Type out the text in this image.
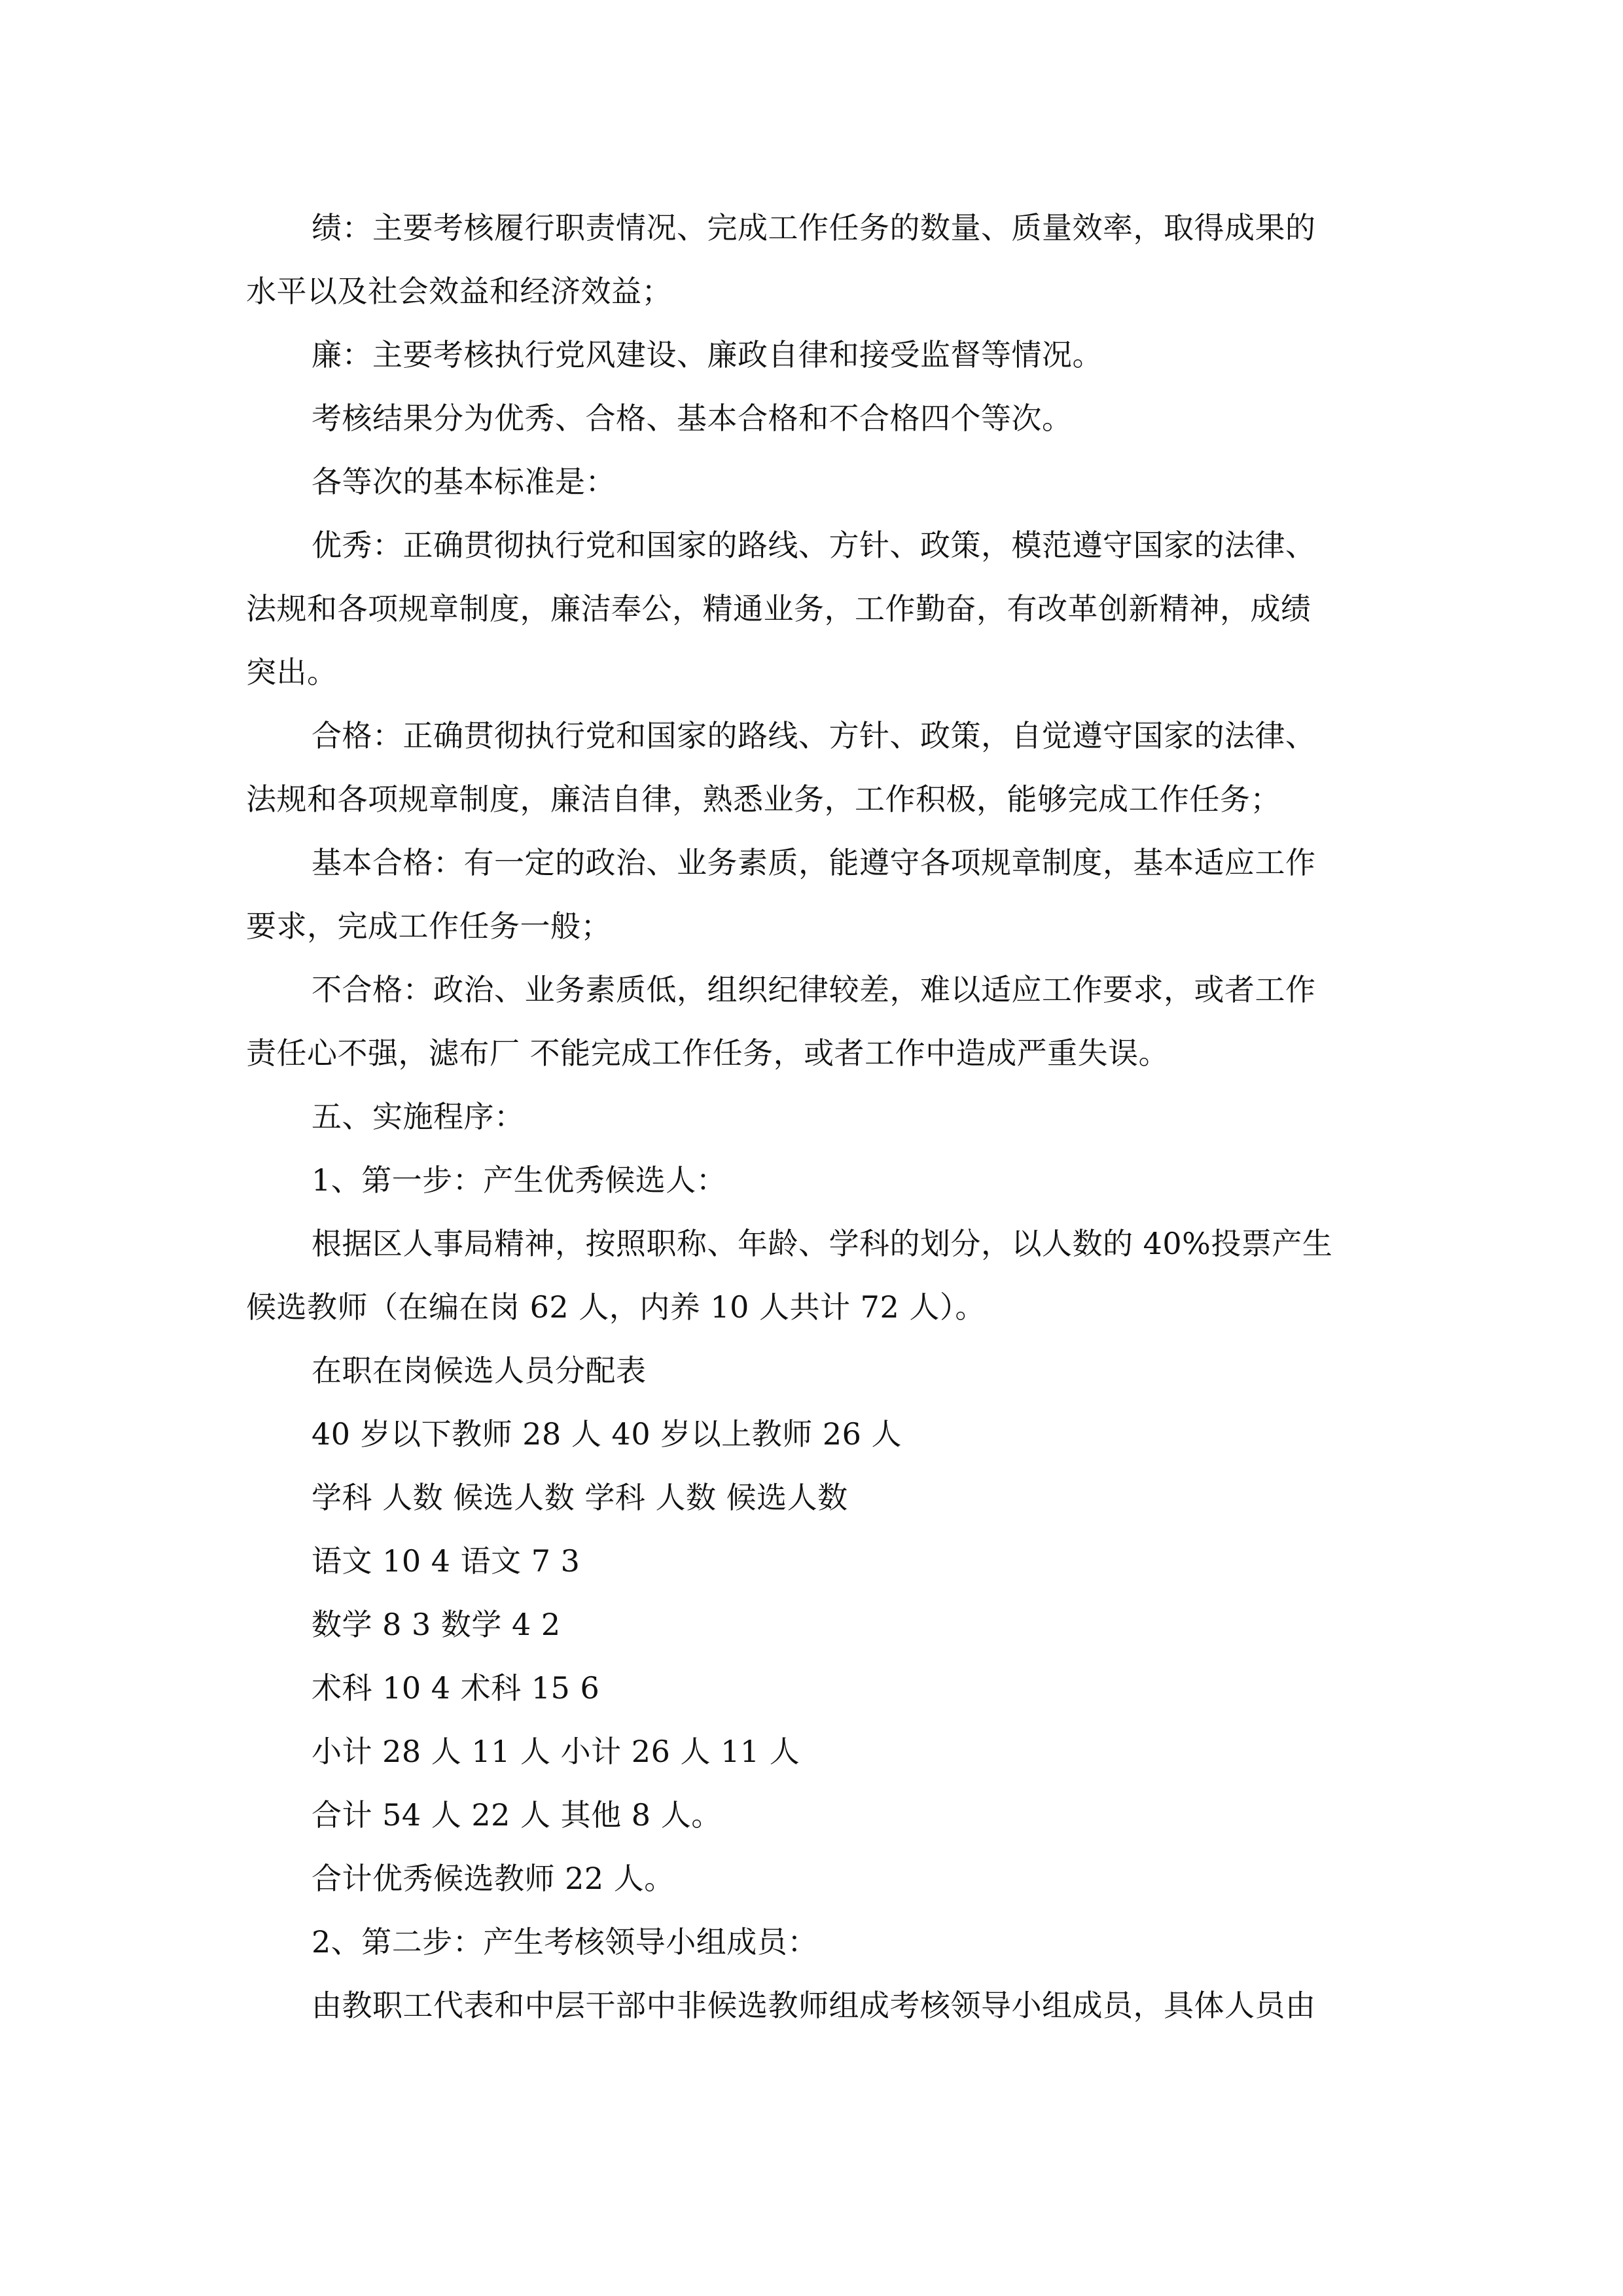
绩：主要考核履行职责情况、完成工作任务的数量、质量效率，取得成果的
水平以及社会效益和经济效益；
廉：主要考核执行党风建设、廉政自律和接受监督等情况。
考核结果分为优秀、合格、基本合格和不合格四个等次。
各等次的基本标准是：
优秀：正确贯彻执行党和国家的路线、方针、政策，模范遵守国家的法律、
法规和各项规章制度，廉洁奉公，精通业务，工作勤奋，有改革创新精神，成绩
突出。
合格：正确贯彻执行党和国家的路线、方针、政策，自觉遵守国家的法律、
法规和各项规章制度，廉洁自律，熟悉业务，工作积极，能够完成工作任务；
基本合格：有一定的政治、业务素质，能遵守各项规章制度，基本适应工作
要求，完成工作任务一般；
不合格：政治、业务素质低，组织纪律较差，难以适应工作要求，或者工作
责任心不强，滤布厂 不能完成工作任务，或者工作中造成严重失误。
五、实施程序：
1、第一步：产生优秀候选人：
根据区人事局精神，按照职称、年龄、学科的划分，以人数的 40%投票产生
候选教师（在编在岗 62 人，内养 10 人共计 72 人）。
在职在岗候选人员分配表
40 岁以下教师 28 人 40 岁以上教师 26 人
学科 人数 候选人数 学科 人数 候选人数
语文 10 4 语文 7 3
数学 8 3 数学 4 2
术科 10 4 术科 15 6
小计 28 人 11 人 小计 26 人 11 人
合计 54 人 22 人 其他 8 人。
合计优秀候选教师 22 人。
2、第二步：产生考核领导小组成员：
由教职工代表和中层干部中非候选教师组成考核领导小组成员，具体人员由
